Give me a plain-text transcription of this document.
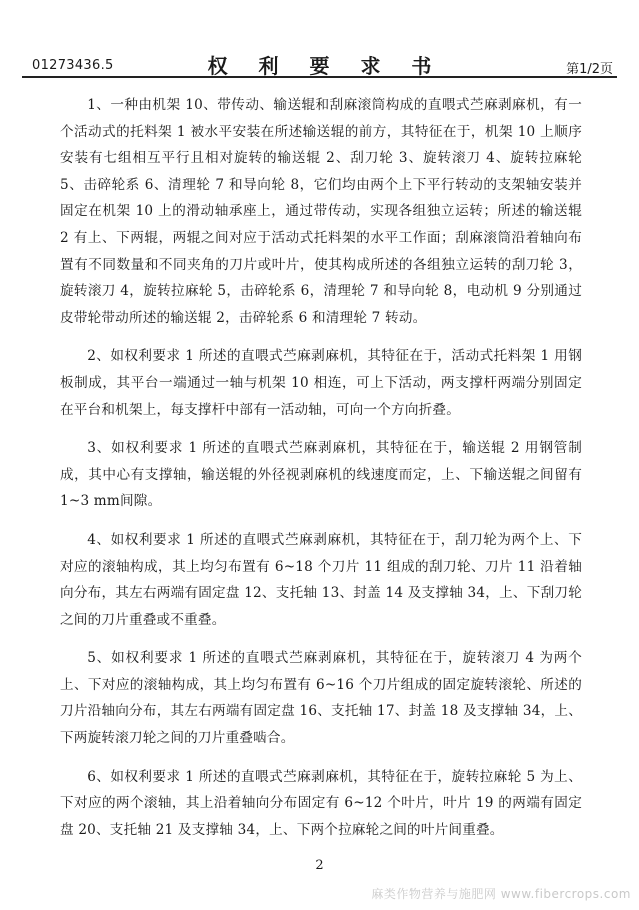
01273436.5	权 利 要 求 书	第1/2页

1、一种由机架 10、带传动、输送辊和刮麻滚筒构成的直喂式苎麻剥麻机，有一个活动式的托料架 1 被水平安装在所述输送辊的前方，其特征在于，机架 10 上顺序安装有七组相互平行且相对旋转的输送辊 2、刮刀轮 3、旋转滚刀 4、旋转拉麻轮 5、击碎轮系 6、清理轮 7 和导向轮 8，它们均由两个上下平行转动的支架轴安装并固定在机架 10 上的滑动轴承座上，通过带传动，实现各组独立运转；所述的输送辊 2 有上、下两辊，两辊之间对应于活动式托料架的水平工作面；刮麻滚筒沿着轴向布置有不同数量和不同夹角的刀片或叶片，使其构成所述的各组独立运转的刮刀轮 3，旋转滚刀 4，旋转拉麻轮 5，击碎轮系 6，清理轮 7 和导向轮 8，电动机 9 分别通过皮带轮带动所述的输送辊 2，击碎轮系 6 和清理轮 7 转动。

2、如权利要求 1 所述的直喂式苎麻剥麻机，其特征在于，活动式托料架 1 用钢板制成，其平台一端通过一轴与机架 10 相连，可上下活动，两支撑杆两端分别固定在平台和机架上，每支撑杆中部有一活动轴，可向一个方向折叠。

3、如权利要求 1 所述的直喂式苎麻剥麻机，其特征在于，输送辊 2 用钢管制成，其中心有支撑轴，输送辊的外径视剥麻机的线速度而定，上、下输送辊之间留有 1~3 mm间隙。

4、如权利要求 1 所述的直喂式苎麻剥麻机，其特征在于，刮刀轮为两个上、下对应的滚轴构成，其上均匀布置有 6~18 个刀片 11 组成的刮刀轮、刀片 11 沿着轴向分布，其左右两端有固定盘 12、支托轴 13、封盖 14 及支撑轴 34，上、下刮刀轮之间的刀片重叠或不重叠。

5、如权利要求 1 所述的直喂式苎麻剥麻机，其特征在于，旋转滚刀 4 为两个上、下对应的滚轴构成，其上均匀布置有 6~16 个刀片组成的固定旋转滚轮、所述的刀片沿轴向分布，其左右两端有固定盘 16、支托轴 17、封盖 18 及支撑轴 34，上、下两旋转滚刀轮之间的刀片重叠啮合。

6、如权利要求 1 所述的直喂式苎麻剥麻机，其特征在于，旋转拉麻轮 5 为上、下对应的两个滚轴，其上沿着轴向分布固定有 6~12 个叶片，叶片 19 的两端有固定盘 20、支托轴 21 及支撑轴 34，上、下两个拉麻轮之间的叶片间重叠。

2
麻类作物营养与施肥网 www.fibercrops.com
